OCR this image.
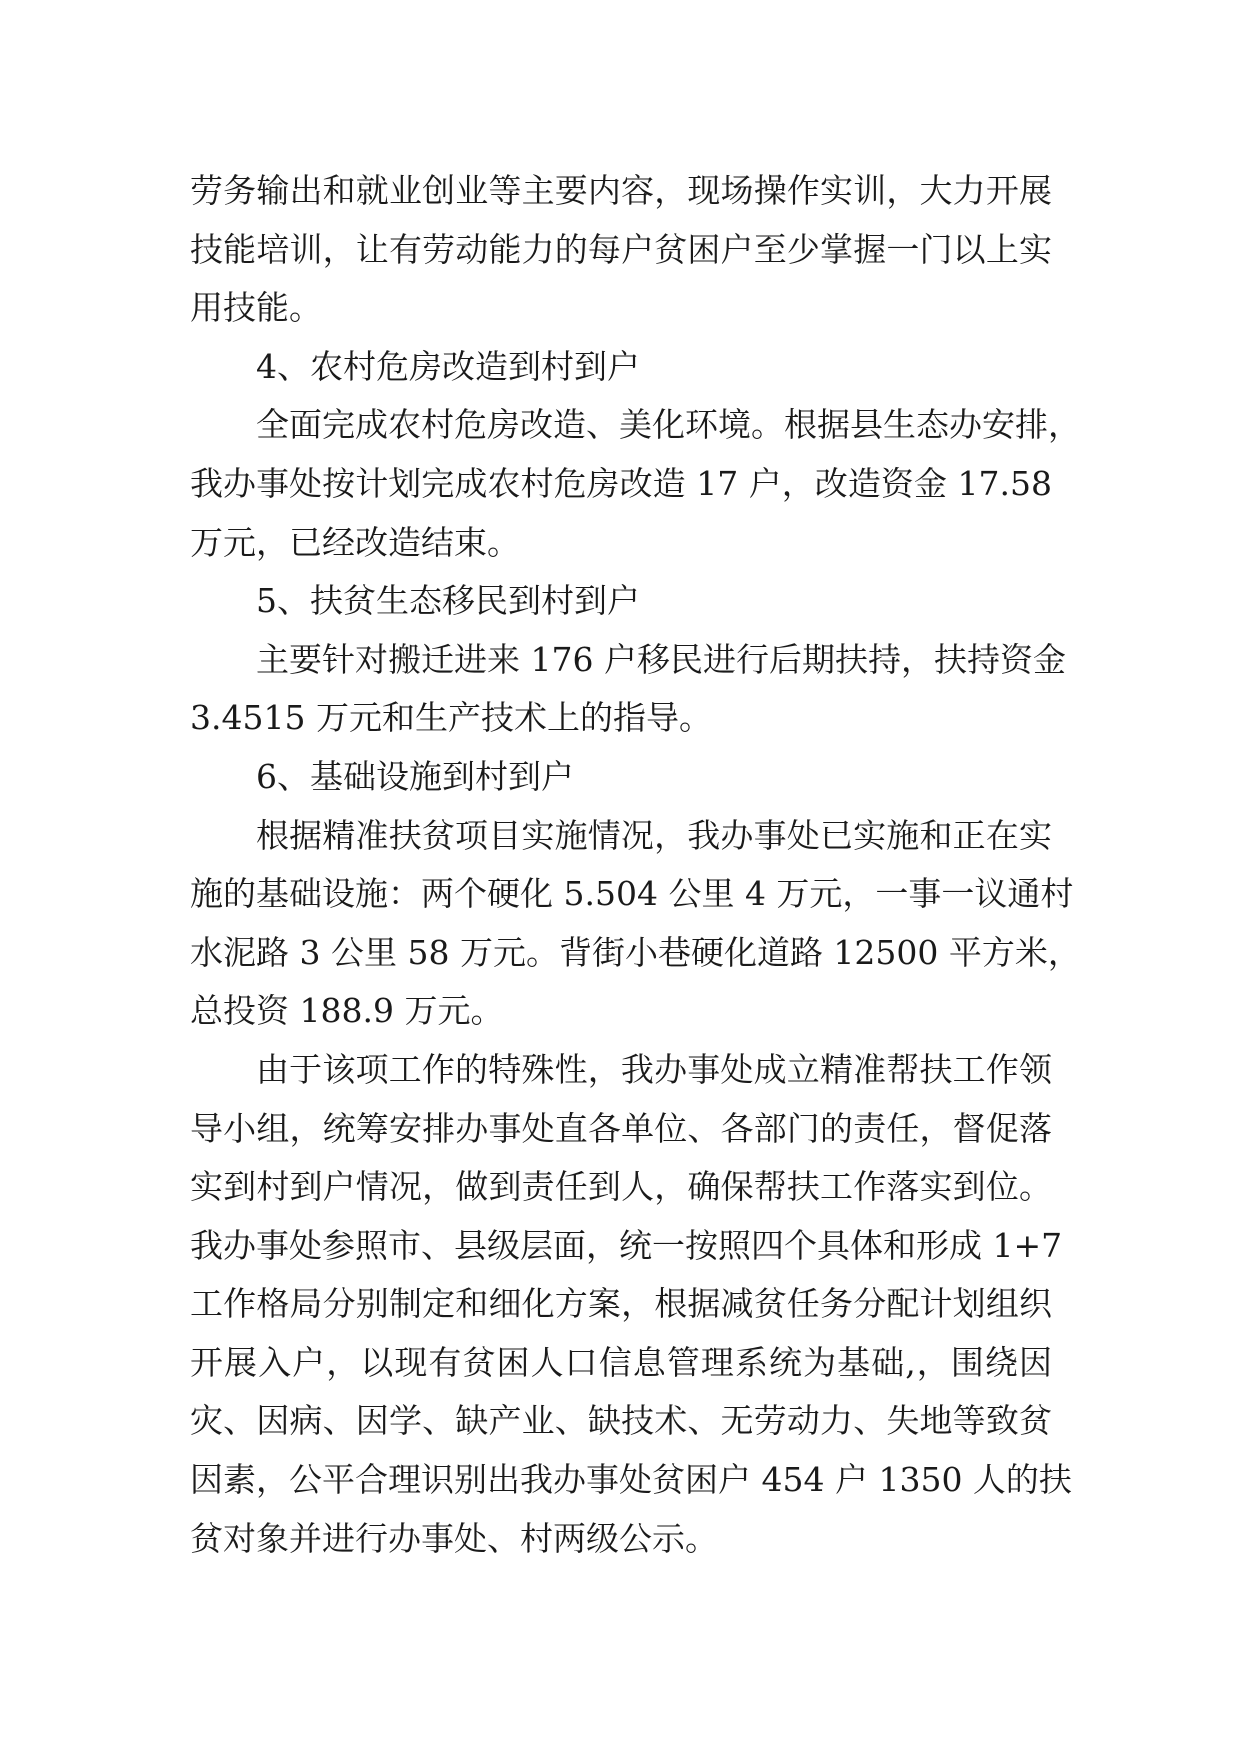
劳务输出和就业创业等主要内容，现场操作实训，大力开展
技能培训，让有劳动能力的每户贫困户至少掌握一门以上实
用技能。
4、农村危房改造到村到户
全面完成农村危房改造、美化环境。根据县生态办安排，
我办事处按计划完成农村危房改造 17 户，改造资金 17.58
万元，已经改造结束。
5、扶贫生态移民到村到户
主要针对搬迁进来 176 户移民进行后期扶持，扶持资金
3.4515 万元和生产技术上的指导。
6、基础设施到村到户
根据精准扶贫项目实施情况，我办事处已实施和正在实
施的基础设施：两个硬化 5.504 公里 4 万元，一事一议通村
水泥路 3 公里 58 万元。背街小巷硬化道路 12500 平方米，
总投资 188.9 万元。
由于该项工作的特殊性，我办事处成立精准帮扶工作领
导小组，统筹安排办事处直各单位、各部门的责任，督促落
实到村到户情况，做到责任到人，确保帮扶工作落实到位。
我办事处参照市、县级层面，统一按照四个具体和形成 1+7
工作格局分别制定和细化方案，根据减贫任务分配计划组织
开展入户，以现有贫困人口信息管理系统为基础,，围绕因
灾、因病、因学、缺产业、缺技术、无劳动力、失地等致贫
因素，公平合理识别出我办事处贫困户 454 户 1350 人的扶
贫对象并进行办事处、村两级公示。
